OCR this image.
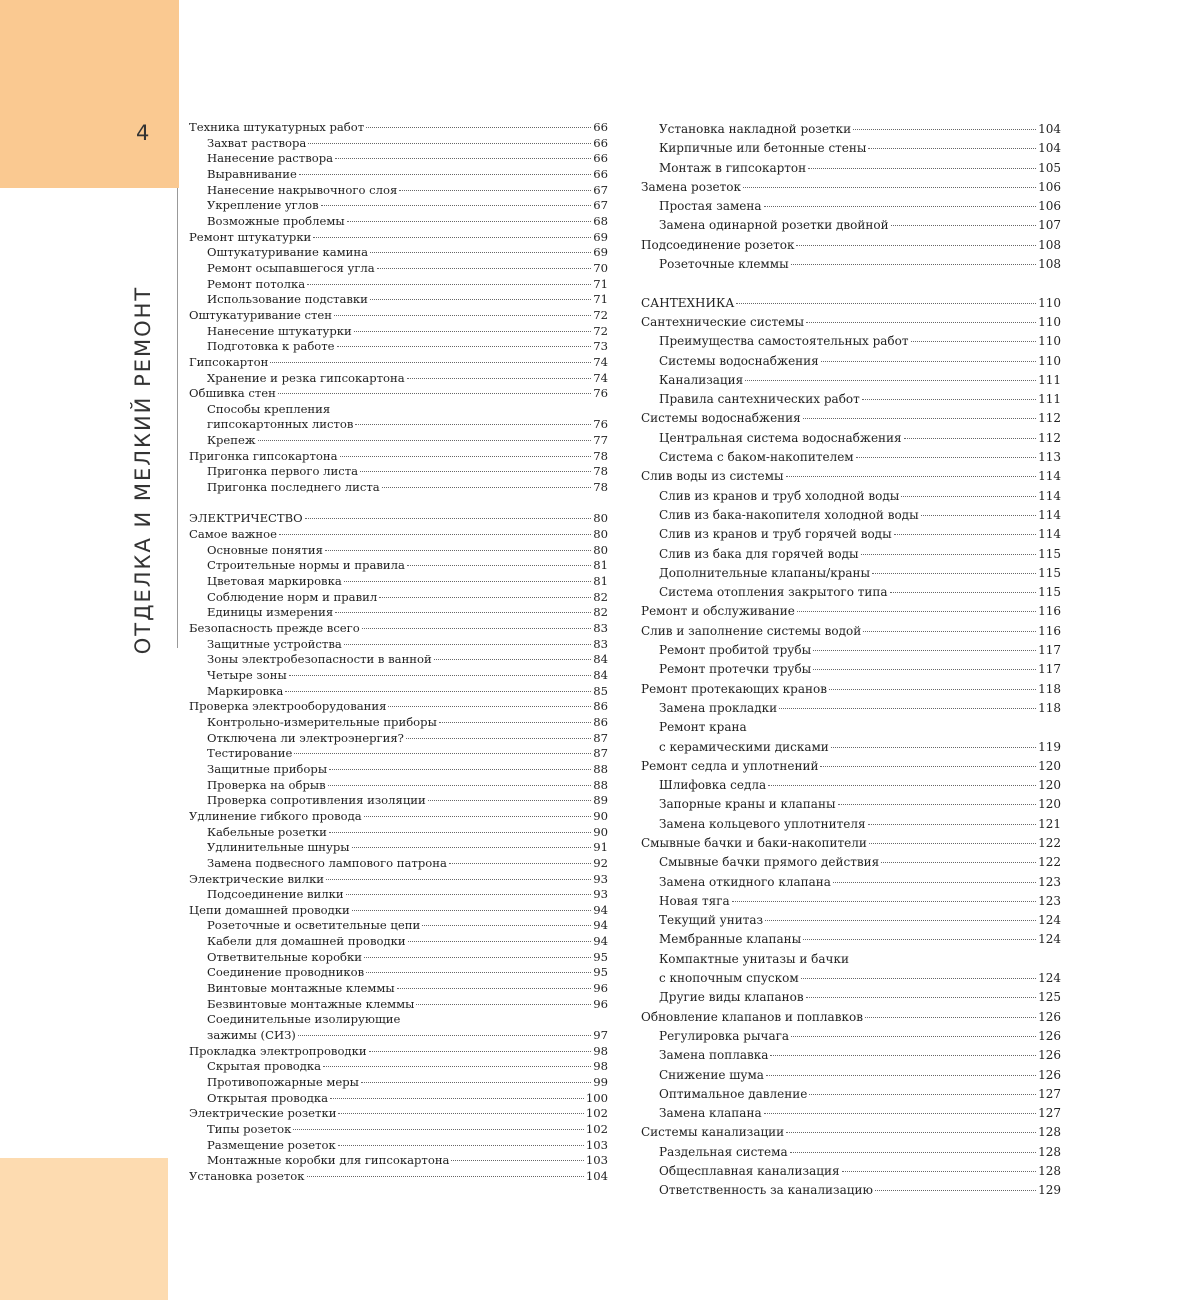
4
ОТДЕЛКА И МЕЛКИЙ РЕМОНТ
Техника штукатурных работ	66
Захват раствора	66
Нанесение раствора	66
Выравнивание	66
Нанесение накрывочного слоя	67
Укрепление углов	67
Возможные проблемы	68
Ремонт штукатурки	69
Оштукатуривание камина	69
Ремонт осыпавшегося угла	70
Ремонт потолка	71
Использование подставки	71
Оштукатуривание стен	72
Нанесение штукатурки	72
Подготовка к работе	73
Гипсокартон	74
Хранение и резка гипсокартона	74
Обшивка стен	76
Способы крепления
гипсокартонных листов	76
Крепеж	77
Пригонка гипсокартона	78
Пригонка первого листа	78
Пригонка последнего листа	78
ЭЛЕКТРИЧЕСТВО	80
Самое важное	80
Основные понятия	80
Строительные нормы и правила	81
Цветовая маркировка	81
Соблюдение норм и правил	82
Единицы измерения	82
Безопасность прежде всего	83
Защитные устройства	83
Зоны электробезопасности в ванной	84
Четыре зоны	84
Маркировка	85
Проверка электрооборудования	86
Контрольно-измерительные приборы	86
Отключена ли электроэнергия?	87
Тестирование	87
Защитные приборы	88
Проверка на обрыв	88
Проверка сопротивления изоляции	89
Удлинение гибкого провода	90
Кабельные розетки	90
Удлинительные шнуры	91
Замена подвесного лампового патрона	92
Электрические вилки	93
Подсоединение вилки	93
Цепи домашней проводки	94
Розеточные и осветительные цепи	94
Кабели для домашней проводки	94
Ответвительные коробки	95
Соединение проводников	95
Винтовые монтажные клеммы	96
Безвинтовые монтажные клеммы	96
Соединительные изолирующие
зажимы (СИЗ)	97
Прокладка электропроводки	98
Скрытая проводка	98
Противопожарные меры	99
Открытая проводка	100
Электрические розетки	102
Типы розеток	102
Размещение розеток	103
Монтажные коробки для гипсокартона	103
Установка розеток	104
Установка накладной розетки	104
Кирпичные или бетонные стены	104
Монтаж в гипсокартон	105
Замена розеток	106
Простая замена	106
Замена одинарной розетки двойной	107
Подсоединение розеток	108
Розеточные клеммы	108
САНТЕХНИКА	110
Сантехнические системы	110
Преимущества самостоятельных работ	110
Системы водоснабжения	110
Канализация	111
Правила сантехнических работ	111
Системы водоснабжения	112
Центральная система водоснабжения	112
Система с баком-накопителем	113
Слив воды из системы	114
Слив из кранов и труб холодной воды	114
Слив из бака-накопителя холодной воды	114
Слив из кранов и труб горячей воды	114
Слив из бака для горячей воды	115
Дополнительные клапаны/краны	115
Система отопления закрытого типа	115
Ремонт и обслуживание	116
Слив и заполнение системы водой	116
Ремонт пробитой трубы	117
Ремонт протечки трубы	117
Ремонт протекающих кранов	118
Замена прокладки	118
Ремонт крана
с керамическими дисками	119
Ремонт седла и уплотнений	120
Шлифовка седла	120
Запорные краны и клапаны	120
Замена кольцевого уплотнителя	121
Смывные бачки и баки-накопители	122
Смывные бачки прямого действия	122
Замена откидного клапана	123
Новая тяга	123
Текущий унитаз	124
Мембранные клапаны	124
Компактные унитазы и бачки
с кнопочным спуском	124
Другие виды клапанов	125
Обновление клапанов и поплавков	126
Регулировка рычага	126
Замена поплавка	126
Снижение шума	126
Оптимальное давление	127
Замена клапана	127
Системы канализации	128
Раздельная система	128
Общесплавная канализация	128
Ответственность за канализацию	129
